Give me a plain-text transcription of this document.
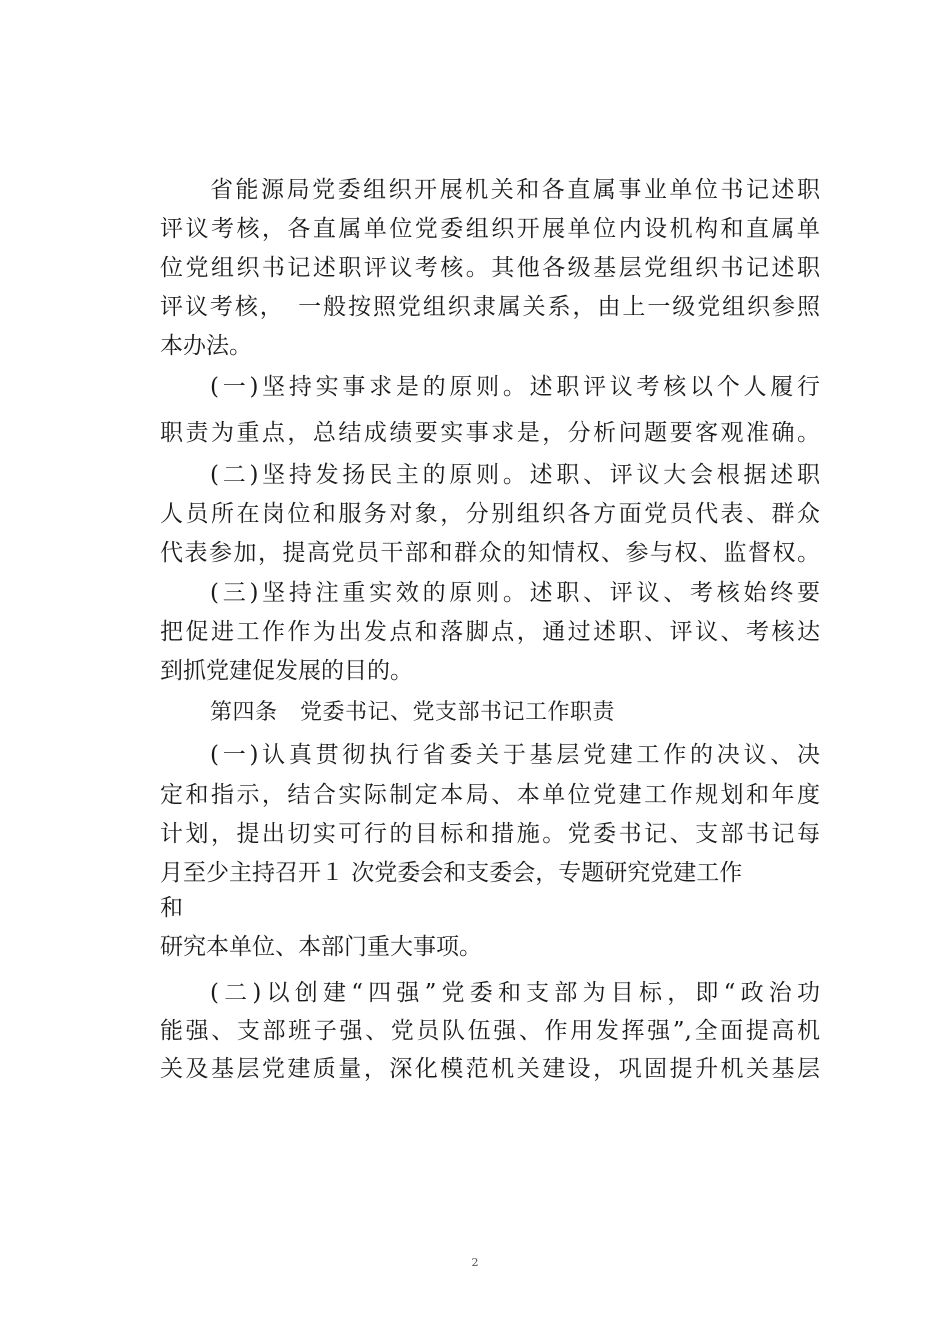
省能源局党委组织开展机关和各直属事业单位书记述职
评议考核，各直属单位党委组织开展单位内设机构和直属单
位党组织书记述职评议考核。其他各级基层党组织书记述职
评议考核，　一般按照党组织隶属关系，由上一级党组织参照
本办法。
(一)坚持实事求是的原则。述职评议考核以个人履行
职责为重点，总结成绩要实事求是，分析问题要客观准确。
(二)坚持发扬民主的原则。述职、评议大会根据述职
人员所在岗位和服务对象，分别组织各方面党员代表、群众
代表参加，提高党员干部和群众的知情权、参与权、监督权。
(三)坚持注重实效的原则。述职、评议、考核始终要
把促进工作作为出发点和落脚点，通过述职、评议、考核达
到抓党建促发展的目的。
第四条　党委书记、党支部书记工作职责
(一)认真贯彻执行省委关于基层党建工作的决议、决
定和指示，结合实际制定本局、本单位党建工作规划和年度
计划，提出切实可行的目标和措施。党委书记、支部书记每
月至少主持召开１ 次党委会和支委会，专题研究党建工作
和
研究本单位、本部门重大事项。
(二)以创建“四强”党委和支部为目标，即“政治功
能强、支部班子强、党员队伍强、作用发挥强”,全面提高机
关及基层党建质量，深化模范机关建设，巩固提升机关基层
2
